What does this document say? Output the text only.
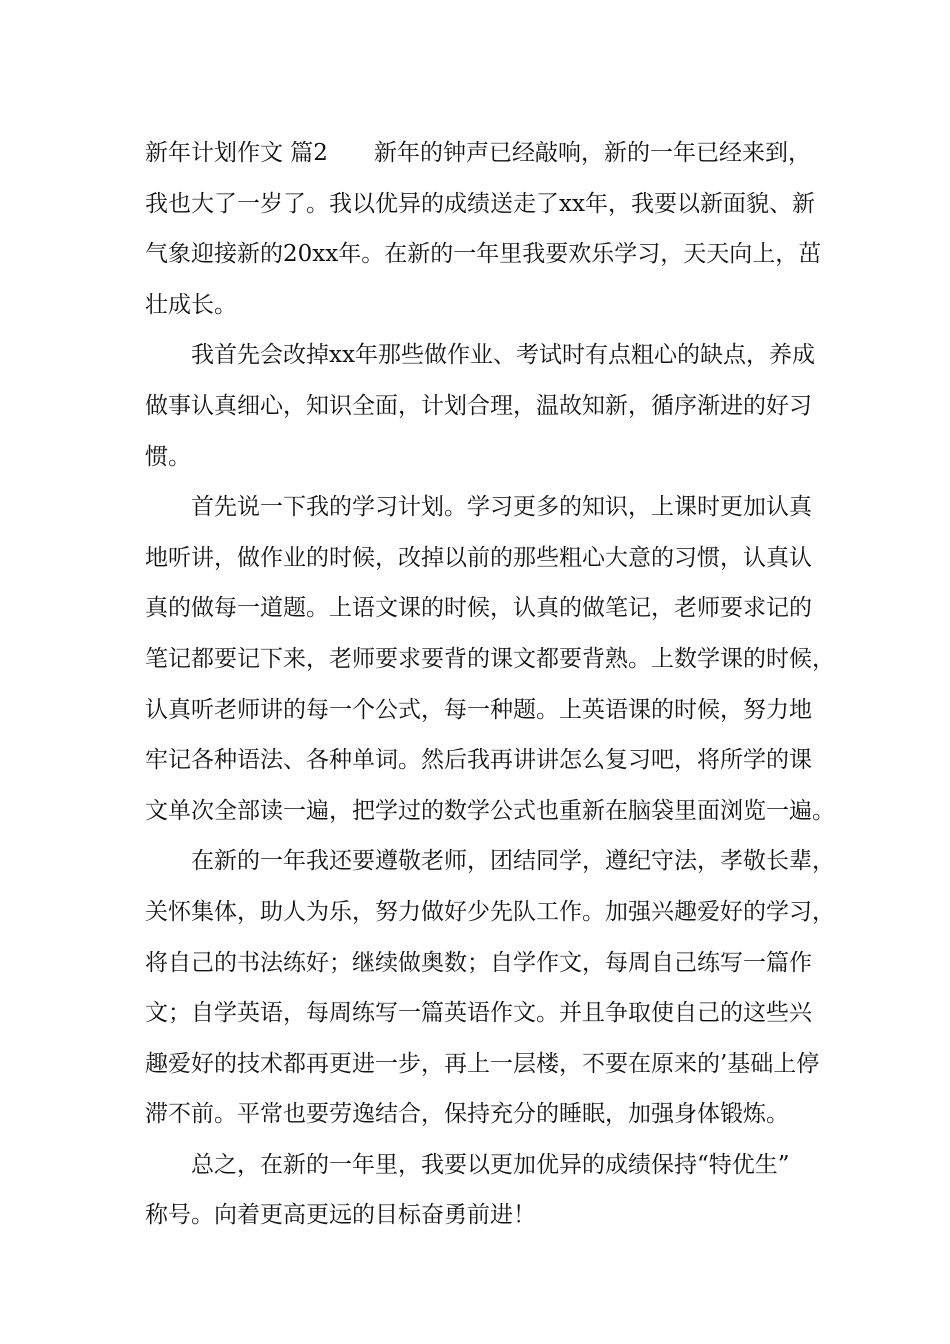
新年计划作文 篇2　　新年的钟声已经敲响，新的一年已经来到，
我也大了一岁了。我以优异的成绩送走了xx年，我要以新面貌、新
气象迎接新的20xx年。在新的一年里我要欢乐学习，天天向上，茁
壮成长。
我首先会改掉xx年那些做作业、考试时有点粗心的缺点，养成
做事认真细心，知识全面，计划合理，温故知新，循序渐进的好习
惯。
首先说一下我的学习计划。学习更多的知识，上课时更加认真
地听讲，做作业的时候，改掉以前的那些粗心大意的习惯，认真认
真的做每一道题。上语文课的时候，认真的做笔记，老师要求记的
笔记都要记下来，老师要求要背的课文都要背熟。上数学课的时候，
认真听老师讲的每一个公式，每一种题。上英语课的时候，努力地
牢记各种语法、各种单词。然后我再讲讲怎么复习吧，将所学的课
文单次全部读一遍，把学过的数学公式也重新在脑袋里面浏览一遍。
在新的一年我还要遵敬老师，团结同学，遵纪守法，孝敬长辈，
关怀集体，助人为乐，努力做好少先队工作。加强兴趣爱好的学习，
将自己的书法练好；继续做奥数；自学作文，每周自己练写一篇作
文；自学英语，每周练写一篇英语作文。并且争取使自己的这些兴
趣爱好的技术都再更进一步，再上一层楼，不要在原来的’基础上停
滞不前。平常也要劳逸结合，保持充分的睡眠，加强身体锻炼。
总之，在新的一年里，我要以更加优异的成绩保持“特优生”
称号。向着更高更远的目标奋勇前进！
